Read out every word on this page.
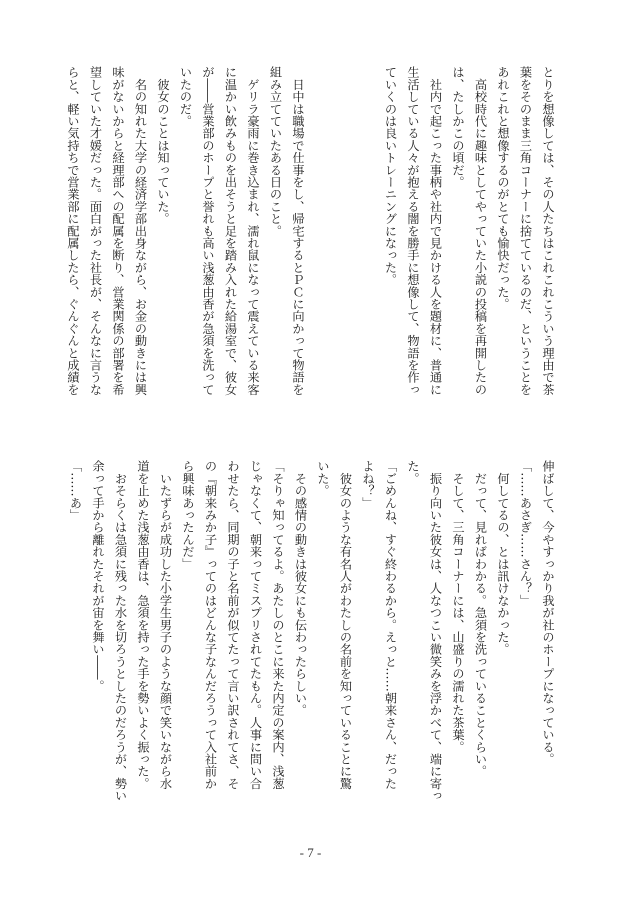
とりを想像しては、その人たちはこれこれこういう理由で茶
葉をそのまま三角コーナーに捨てているのだ、ということを
あれこれと想像するのがとても愉快だった。
　高校時代に趣味としてやっていた小説の投稿を再開したの
は、たしかこの頃だ。
　社内で起こった事柄や社内で見かける人を題材に、普通に
生活している人々が抱える闇を勝手に想像して、物語を作っ
ていくのは良いトレーニングになった。
　日中は職場で仕事をし、帰宅するとＰＣに向かって物語を
組み立てていたある日のこと。
　ゲリラ豪雨に巻き込まれ、濡れ鼠になって震えている来客
に温かい飲みものを出そうと足を踏み入れた給湯室で、彼女
が――営業部のホープと誉れも高い浅葱由香が急須を洗って
いたのだ。
　彼女のことは知っていた。
　名の知れた大学の経済学部出身ながら、お金の動きには興
味がないからと経理部への配属を断り、営業関係の部署を希
望していた才媛だった。面白がった社長が、そんなに言うな
らと、軽い気持ちで営業部に配属したら、ぐんぐんと成績を
伸ばして、今やすっかり我が社のホープになっている。
「……あさぎ……さん？」
　何してるの、とは訊けなかった。
　だって、見ればわかる。急須を洗っていることくらい。
　そして、三角コーナーには、山盛りの濡れた茶葉。
　振り向いた彼女は、人なつこい微笑みを浮かべて、端に寄っ
た。
「ごめんね、すぐ終わるから。えっと……朝来さん、だった
よね？」
　彼女のような有名人がわたしの名前を知っていることに驚
いた。
　その感情の動きは彼女にも伝わったらしい。
「そりゃ知ってるよ。あたしのとこに来た内定の案内、浅葱
じゃなくて、朝来ってミスプリされてたもん。人事に問い合
わせたら、同期の子と名前が似てたって言い訳されてさ、そ
の『朝来みか子』ってのはどんな子なんだろうって入社前か
ら興味あったんだ」
　いたずらが成功した小学生男子のような顔で笑いながら水
道を止めた浅葱由香は、急須を持った手を勢いよく振った。
　おそらくは急須に残った水を切ろうとしたのだろうが、勢い
余って手から離れたそれが宙を舞い――。
「……あ」
- 7 -
